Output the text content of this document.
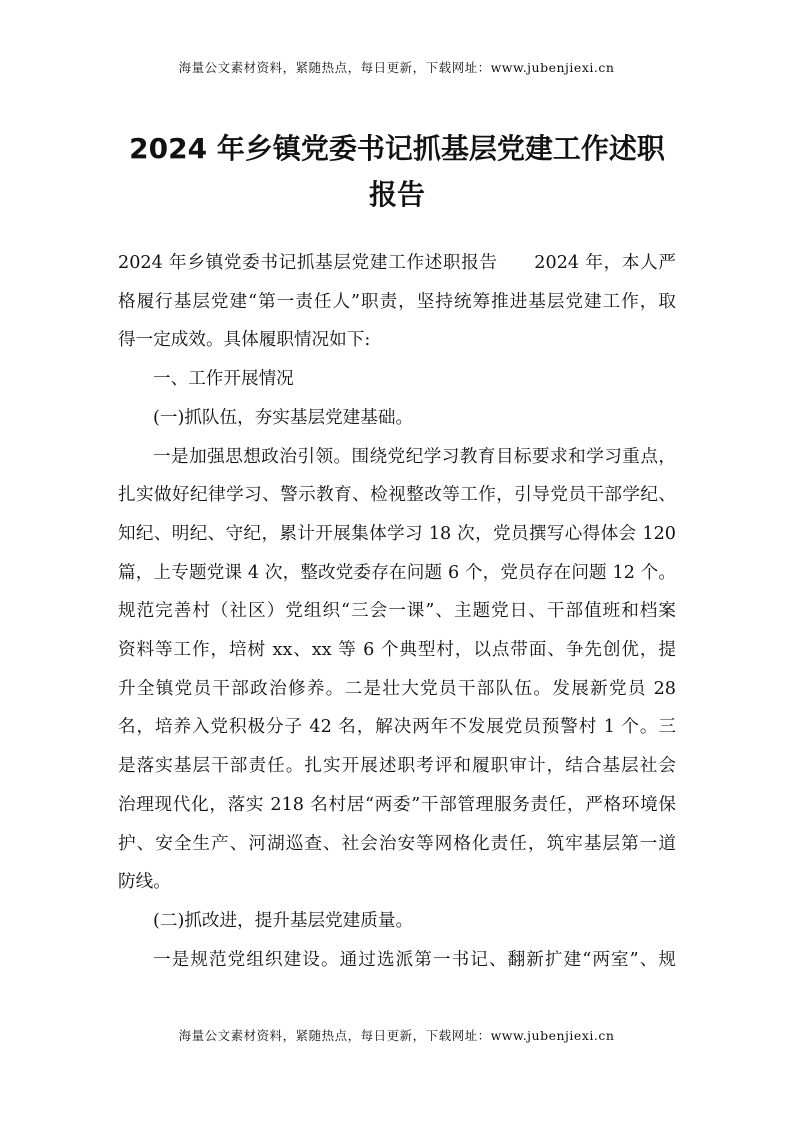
海量公文素材资料，紧随热点，每日更新，下载网址：www.jubenjiexi.cn
2024 年乡镇党委书记抓基层党建工作述职
报告

2024 年乡镇党委书记抓基层党建工作述职报告　　2024 年，本人严

格履行基层党建“第一责任人”职责，坚持统筹推进基层党建工作，取

得一定成效。具体履职情况如下:

一、工作开展情况

(一)抓队伍，夯实基层党建基础。

一是加强思想政治引领。围绕党纪学习教育目标要求和学习重点，

扎实做好纪律学习、警示教育、检视整改等工作，引导党员干部学纪、

知纪、明纪、守纪，累计开展集体学习 18 次，党员撰写心得体会 120

篇，上专题党课 4 次，整改党委存在问题 6 个，党员存在问题 12 个。

规范完善村（社区）党组织“三会一课”、主题党日、干部值班和档案

资料等工作，培树 xx、xx 等 6 个典型村，以点带面、争先创优，提

升全镇党员干部政治修养。二是壮大党员干部队伍。发展新党员 28

名，培养入党积极分子 42 名，解决两年不发展党员预警村 1 个。三

是落实基层干部责任。扎实开展述职考评和履职审计，结合基层社会

治理现代化，落实 218 名村居“两委”干部管理服务责任，严格环境保

护、安全生产、河湖巡查、社会治安等网格化责任，筑牢基层第一道

防线。

(二)抓改进，提升基层党建质量。

一是规范党组织建设。通过选派第一书记、翻新扩建“两室”、规

海量公文素材资料，紧随热点，每日更新，下载网址：www.jubenjiexi.cn
